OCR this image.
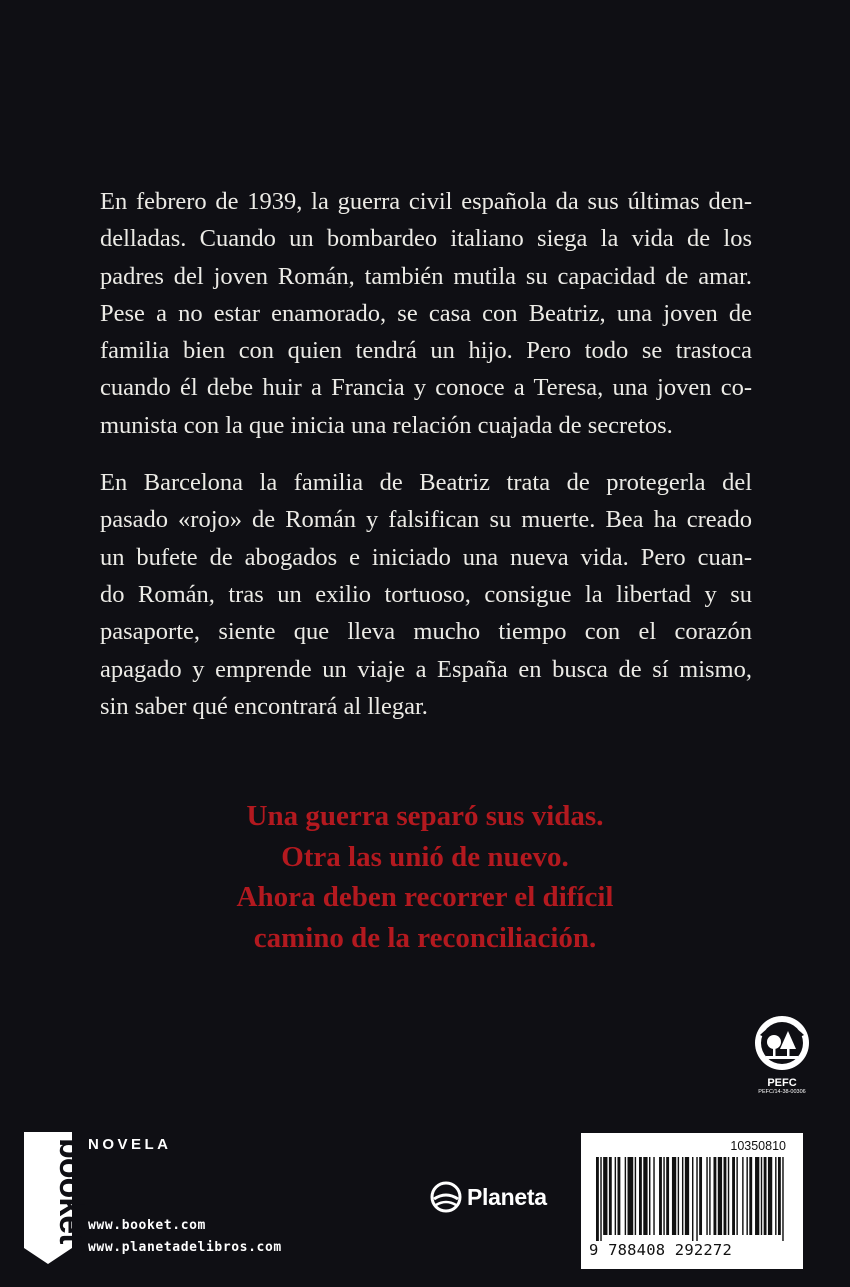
En febrero de 1939, la guerra civil española da sus últimas den-
delladas. Cuando un bombardeo italiano siega la vida de los
padres del joven Román, también mutila su capacidad de amar.
Pese a no estar enamorado, se casa con Beatriz, una joven de
familia bien con quien tendrá un hijo. Pero todo se trastoca
cuando él debe huir a Francia y conoce a Teresa, una joven co-
munista con la que inicia una relación cuajada de secretos.
En Barcelona la familia de Beatriz trata de protegerla del
pasado «rojo» de Román y falsifican su muerte. Bea ha creado
un bufete de abogados e iniciado una nueva vida. Pero cuan-
do Román, tras un exilio tortuoso, consigue la libertad y su
pasaporte, siente que lleva mucho tiempo con el corazón
apagado y emprende un viaje a España en busca de sí mismo,
sin saber qué encontrará al llegar.
Una guerra separó sus vidas.
Otra las unió de nuevo.
Ahora deben recorrer el difícil
camino de la reconciliación.
PEFC
PEFC/14-38-00306
booket
NOVELA
www.booket.com
www.planetadelibros.com
Planeta
10350810
9 788408 292272
